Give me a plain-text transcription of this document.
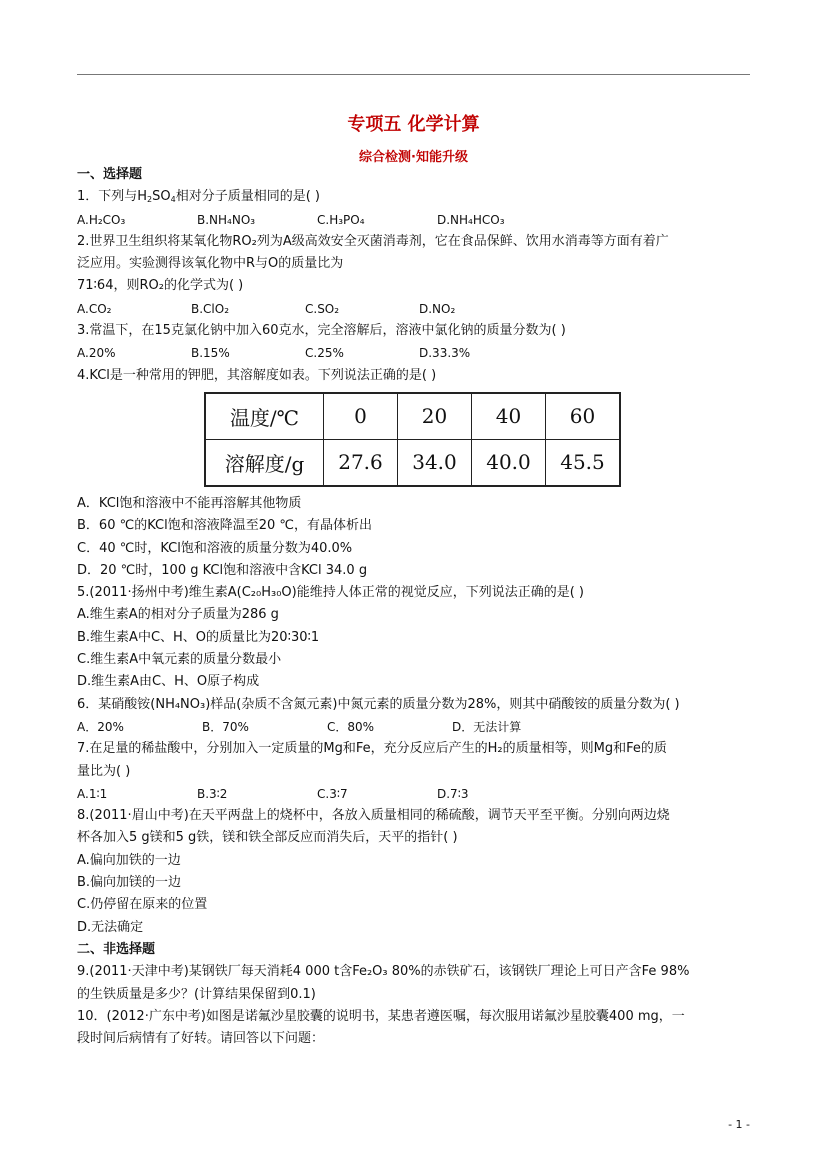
专项五 化学计算
综合检测·知能升级
一、选择题
1．下列与$H_2SO_4$相对分子质量相同的是( )
A.H₂CO₃	B.NH₄NO₃	C.H₃PO₄	D.NH₄HCO₃
2.世界卫生组织将某氧化物RO₂列为A级高效安全灭菌消毒剂，它在食品保鲜、饮用水消毒等方面有着广
泛应用。实验测得该氧化物中R与O的质量比为
71∶64，则RO₂的化学式为( )
A.CO₂	B.ClO₂	C.SO₂	D.NO₂
3.常温下，在15克氯化钠中加入60克水，完全溶解后，溶液中氯化钠的质量分数为( )
A.20%	B.15%	C.25%	D.33.3%
4.KCl是一种常用的钾肥，其溶解度如表。下列说法正确的是( )
温度/℃	0	20	40	60
溶解度/g	27.6	34.0	40.0	45.5
A．KCl饱和溶液中不能再溶解其他物质
B．60 ℃的KCl饱和溶液降温至20 ℃，有晶体析出
C．40 ℃时，KCl饱和溶液的质量分数为40.0%
D．20 ℃时，100 g KCl饱和溶液中含KCl 34.0 g
5.(2011·扬州中考)维生素A(C₂₀H₃₀O)能维持人体正常的视觉反应，下列说法正确的是( )
A.维生素A的相对分子质量为286 g
B.维生素A中C、H、O的质量比为20∶30∶1
C.维生素A中氧元素的质量分数最小
D.维生素A由C、H、O原子构成
6．某硝酸铵(NH₄NO₃)样品(杂质不含氮元素)中氮元素的质量分数为28%，则其中硝酸铵的质量分数为( )
A．20%	B．70%	C．80%	D．无法计算
7.在足量的稀盐酸中，分别加入一定质量的Mg和Fe，充分反应后产生的H₂的质量相等，则Mg和Fe的质
量比为( )
A.1∶1	B.3∶2	C.3∶7	D.7∶3
8.(2011·眉山中考)在天平两盘上的烧杯中，各放入质量相同的稀硫酸，调节天平至平衡。分别向两边烧
杯各加入5 g镁和5 g铁，镁和铁全部反应而消失后，天平的指针( )
A.偏向加铁的一边
B.偏向加镁的一边
C.仍停留在原来的位置
D.无法确定
二、非选择题
9.(2011·天津中考)某钢铁厂每天消耗4 000 t含Fe₂O₃ 80%的赤铁矿石，该钢铁厂理论上可日产含Fe 98%
的生铁质量是多少？(计算结果保留到0.1)
10．(2012·广东中考)如图是诺氟沙星胶囊的说明书，某患者遵医嘱，每次服用诺氟沙星胶囊400 mg，一
段时间后病情有了好转。请回答以下问题：
- 1 -
